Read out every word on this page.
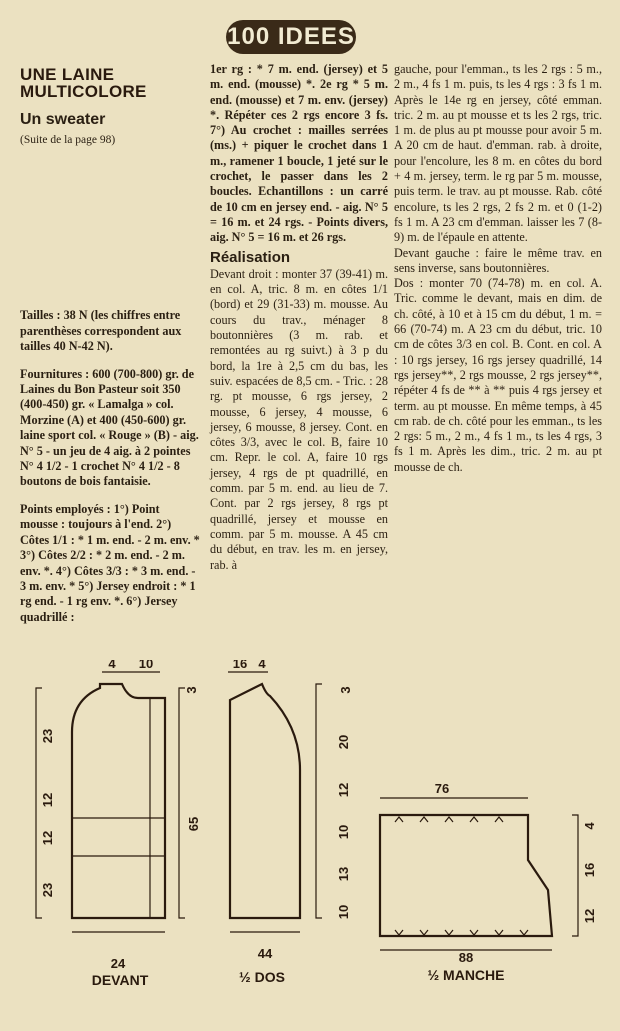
100 IDEES
UNE LAINE
MULTICOLORE
Un sweater
(Suite de la page 98)

Tailles : 38 N (les chiffres entre parenthèses correspondent aux tailles 40 N-42 N).

Fournitures : 600 (700-800) gr. de Laines du Bon Pasteur soit 350 (400-450) gr. « Lamalga » col. Morzine (A) et 400 (450-600) gr. laine sport col. « Rouge » (B) - aig. N° 5 - un jeu de 4 aig. à 2 pointes N° 4 1/2 - 1 crochet N° 4 1/2 - 8 boutons de bois fantaisie.

Points employés : 1°) Point mousse : toujours à l'end. 2°) Côtes 1/1 : * 1 m. end. - 2 m. env. * 3°) Côtes 2/2 : * 2 m. end. - 2 m. env. *. 4°) Côtes 3/3 : * 3 m. end. - 3 m. env. * 5°) Jersey endroit : * 1 rg end. - 1 rg env. *. 6°) Jersey quadrillé :

1er rg : * 7 m. end. (jersey) et 5 m. end. (mousse) *. 2e rg * 5 m. end. (mousse) et 7 m. env. (jersey) *. Répéter ces 2 rgs encore 3 fs. 7°) Au crochet : mailles serrées (ms.) + piquer le crochet dans 1 m., ramener 1 boucle, 1 jeté sur le crochet, le passer dans les 2 boucles. Echantillons : un carré de 10 cm en jersey end. - aig. N° 5 = 16 m. et 24 rgs. - Points divers, aig. N° 5 = 16 m. et 26 rgs.

Réalisation

Devant droit : monter 37 (39-41) m. en col. A, tric. 8 m. en côtes 1/1 (bord) et 29 (31-33) m. mousse. Au cours du trav., ménager 8 boutonnières (3 m. rab. et remontées au rg suivt.) à 3 p du bord, la 1re à 2,5 cm du bas, les suiv. espacées de 8,5 cm. - Tric. : 28 rg. pt mousse, 6 rgs jersey, 2 mousse, 6 jersey, 4 mousse, 6 jersey, 6 mousse, 8 jersey. Cont. en côtes 3/3, avec le col. B, faire 10 cm. Repr. le col. A, faire 10 rgs jersey, 4 rgs de pt quadrillé, en comm. par 5 m. end. au lieu de 7. Cont. par 2 rgs jersey, 8 rgs pt quadrillé, jersey et mousse en comm. par 5 m. mousse. A 45 cm du début, en trav. les m. en jersey, rab. à

gauche, pour l'emman., ts les 2 rgs : 5 m., 2 m., 4 fs 1 m. puis, ts les 4 rgs : 3 fs 1 m. Après le 14e rg en jersey, côté emman. tric. 2 m. au pt mousse et ts les 2 rgs, tric. 1 m. de plus au pt mousse pour avoir 5 m. A 20 cm de haut. d'emman. rab. à droite, pour l'encolure, les 8 m. en côtes du bord + 4 m. jersey, term. le rg par 5 m. mousse, puis term. le trav. au pt mousse. Rab. côté encolure, ts les 2 rgs, 2 fs 2 m. et 0 (1-2) fs 1 m. A 23 cm d'emman. laisser les 7 (8-9) m. de l'épaule en attente.

Devant gauche : faire le même trav. en sens inverse, sans boutonnières.

Dos : monter 70 (74-78) m. en col. A. Tric. comme le devant, mais en dim. de ch. côté, à 10 et à 15 cm du début, 1 m. = 66 (70-74) m. A 23 cm du début, tric. 10 cm de côtes 3/3 en col. B. Cont. en col. A : 10 rgs jersey, 16 rgs jersey quadrillé, 14 rgs jersey**, 2 rgs mousse, 2 rgs jersey**, répéter 4 fs de ** à ** puis 4 rgs jersey et term. au pt mousse. En même temps, à 45 cm rab. de ch. côté pour les emman., ts les 2 rgs: 5 m., 2 m., 4 fs 1 m., ts les 4 rgs, 3 fs 1 m. Après les dim., tric. 2 m. au pt mousse de ch.

4 10
23
12
12
23
3
65
24
DEVANT
16 4
3
20
12
10
13
10
44
½ DOS
76
88
4
16
12
½ MANCHE
